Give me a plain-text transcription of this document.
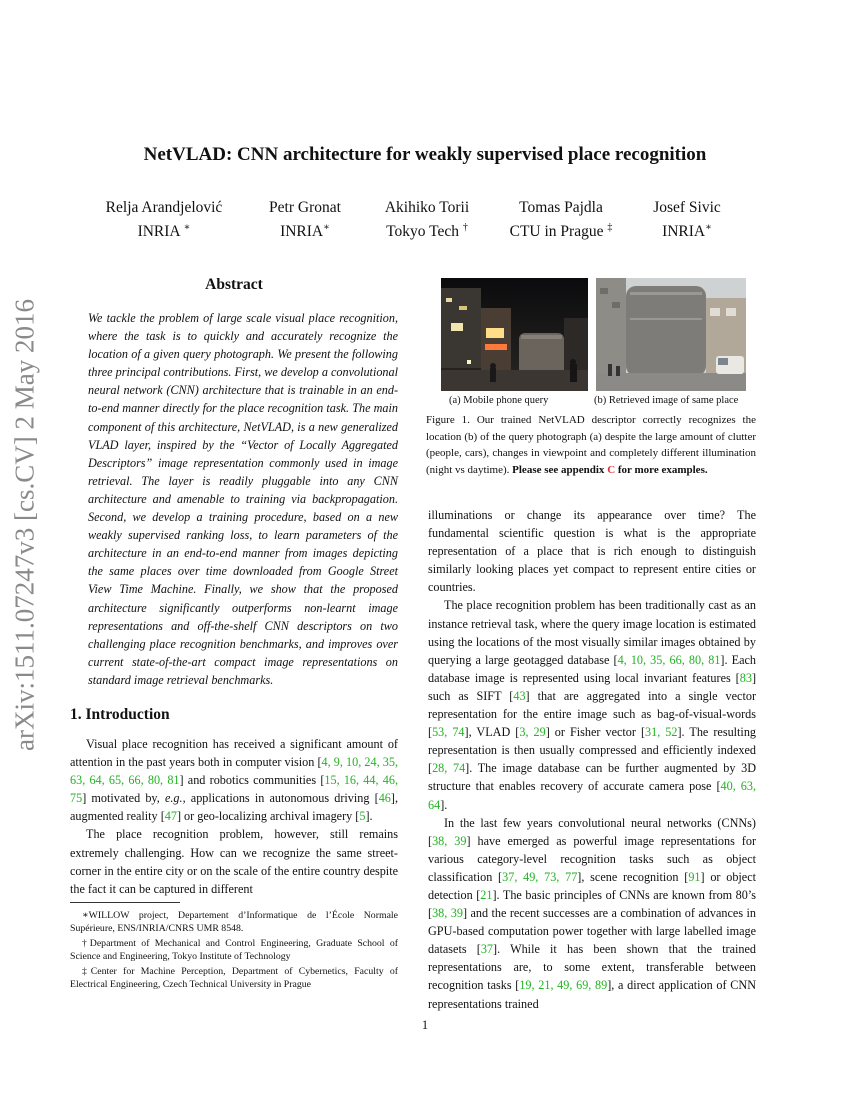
arXiv:1511.07247v3 [cs.CV] 2 May 2016
NetVLAD: CNN architecture for weakly supervised place recognition
Relja Arandjelović
INRIA ∗
Petr Gronat
INRIA∗
Akihiko Torii
Tokyo Tech †
Tomas Pajdla
CTU in Prague ‡
Josef Sivic
INRIA∗
Abstract
We tackle the problem of large scale visual place recognition, where the task is to quickly and accurately recognize the location of a given query photograph. We present the following three principal contributions. First, we develop a convolutional neural network (CNN) architecture that is trainable in an end-to-end manner directly for the place recognition task. The main component of this architecture, NetVLAD, is a new generalized VLAD layer, inspired by the “Vector of Locally Aggregated Descriptors” image representation commonly used in image retrieval. The layer is readily pluggable into any CNN architecture and amenable to training via backpropagation. Second, we develop a training procedure, based on a new weakly supervised ranking loss, to learn parameters of the architecture in an end-to-end manner from images depicting the same places over time downloaded from Google Street View Time Machine. Finally, we show that the proposed architecture significantly outperforms non-learnt image representations and off-the-shelf CNN descriptors on two challenging place recognition benchmarks, and improves over current state-of-the-art compact image representations on standard image retrieval benchmarks.
1. Introduction

Visual place recognition has received a significant amount of attention in the past years both in computer vision [4, 9, 10, 24, 35, 63, 64, 65, 66, 80, 81] and robotics communities [15, 16, 44, 46, 75] motivated by, e.g., applications in autonomous driving [46], augmented reality [47] or geo-localizing archival imagery [5].

The place recognition problem, however, still remains extremely challenging. How can we recognize the same street-corner in the entire city or on the scale of the entire country despite the fact it can be captured in different

∗WILLOW project, Departement d’Informatique de l’École Normale Supérieure, ENS/INRIA/CNRS UMR 8548.

†Department of Mechanical and Control Engineering, Graduate School of Science and Engineering, Tokyo Institute of Technology

‡Center for Machine Perception, Department of Cybernetics, Faculty of Electrical Engineering, Czech Technical University in Prague

(a) Mobile phone query	(b) Retrieved image of same place
Figure 1. Our trained NetVLAD descriptor correctly recognizes the location (b) of the query photograph (a) despite the large amount of clutter (people, cars), changes in viewpoint and completely different illumination (night vs daytime). Please see appendix C for more examples.

illuminations or change its appearance over time? The fundamental scientific question is what is the appropriate representation of a place that is rich enough to distinguish similarly looking places yet compact to represent entire cities or countries.

The place recognition problem has been traditionally cast as an instance retrieval task, where the query image location is estimated using the locations of the most visually similar images obtained by querying a large geotagged database [4, 10, 35, 66, 80, 81]. Each database image is represented using local invariant features [83] such as SIFT [43] that are aggregated into a single vector representation for the entire image such as bag-of-visual-words [53, 74], VLAD [3, 29] or Fisher vector [31, 52]. The resulting representation is then usually compressed and efficiently indexed [28, 74]. The image database can be further augmented by 3D structure that enables recovery of accurate camera pose [40, 63, 64].

In the last few years convolutional neural networks (CNNs) [38, 39] have emerged as powerful image representations for various category-level recognition tasks such as object classification [37, 49, 73, 77], scene recognition [91] or object detection [21]. The basic principles of CNNs are known from 80’s [38, 39] and the recent successes are a combination of advances in GPU-based computation power together with large labelled image datasets [37]. While it has been shown that the trained representations are, to some extent, transferable between recognition tasks [19, 21, 49, 69, 89], a direct application of CNN representations trained

1
